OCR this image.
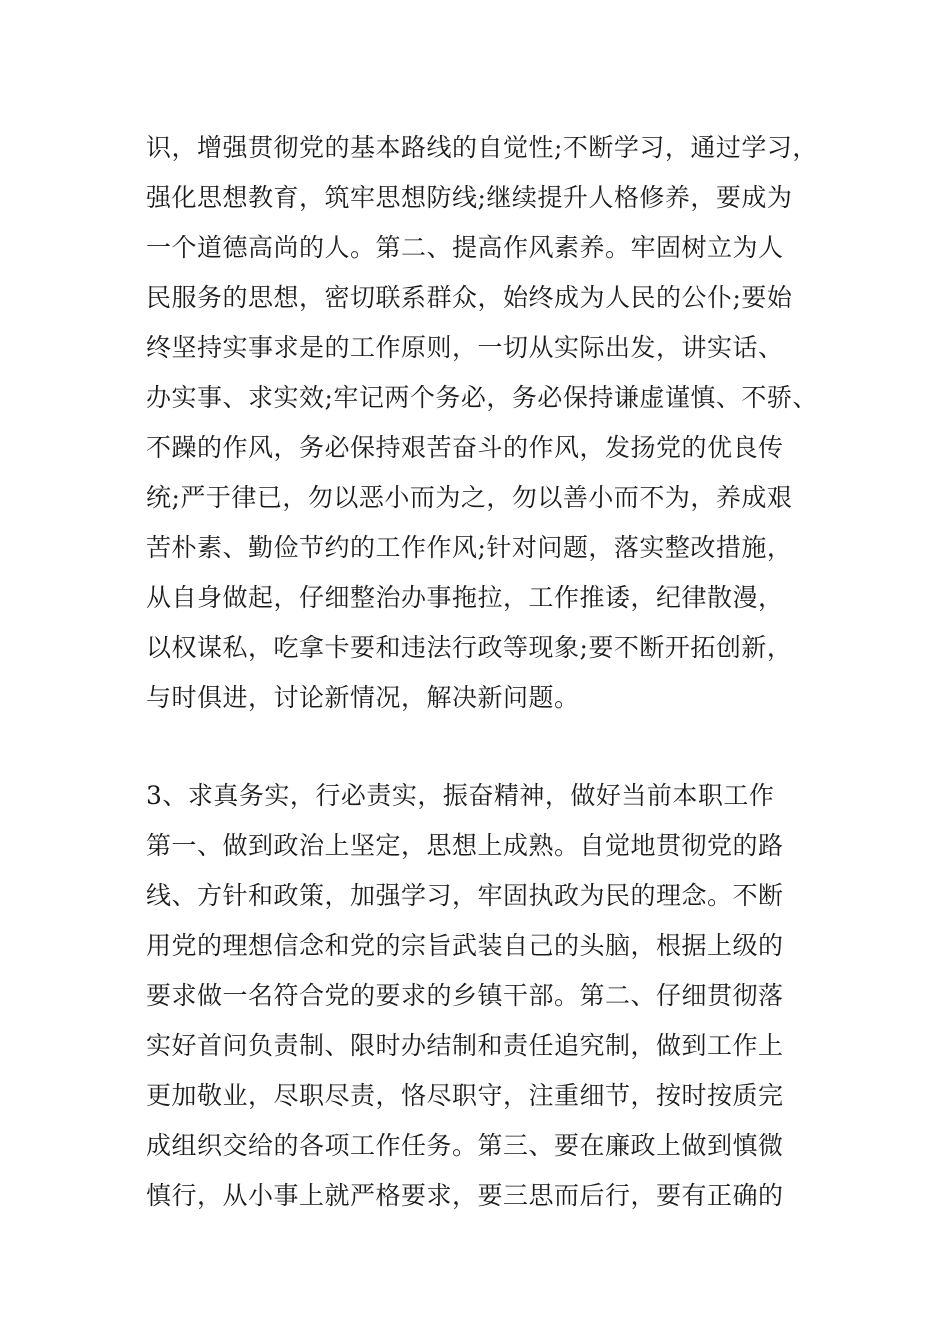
识，增强贯彻党的基本路线的自觉性;不断学习，通过学习，
强化思想教育，筑牢思想防线;继续提升人格修养，要成为
一个道德高尚的人。第二、提高作风素养。牢固树立为人
民服务的思想，密切联系群众，始终成为人民的公仆;要始
终坚持实事求是的工作原则，一切从实际出发，讲实话、
办实事、求实效;牢记两个务必，务必保持谦虚谨慎、不骄、
不躁的作风，务必保持艰苦奋斗的作风，发扬党的优良传
统;严于律已，勿以恶小而为之，勿以善小而不为，养成艰
苦朴素、勤俭节约的工作作风;针对问题，落实整改措施，
从自身做起，仔细整治办事拖拉，工作推诿，纪律散漫，
以权谋私，吃拿卡要和违法行政等现象;要不断开拓创新，
与时俱进，讨论新情况，解决新问题。
3、求真务实，行必责实，振奋精神，做好当前本职工作
第一、做到政治上坚定，思想上成熟。自觉地贯彻党的路
线、方针和政策，加强学习，牢固执政为民的理念。不断
用党的理想信念和党的宗旨武装自己的头脑，根据上级的
要求做一名符合党的要求的乡镇干部。第二、仔细贯彻落
实好首问负责制、限时办结制和责任追究制，做到工作上
更加敬业，尽职尽责，恪尽职守，注重细节，按时按质完
成组织交给的各项工作任务。第三、要在廉政上做到慎微
慎行，从小事上就严格要求，要三思而后行，要有正确的
